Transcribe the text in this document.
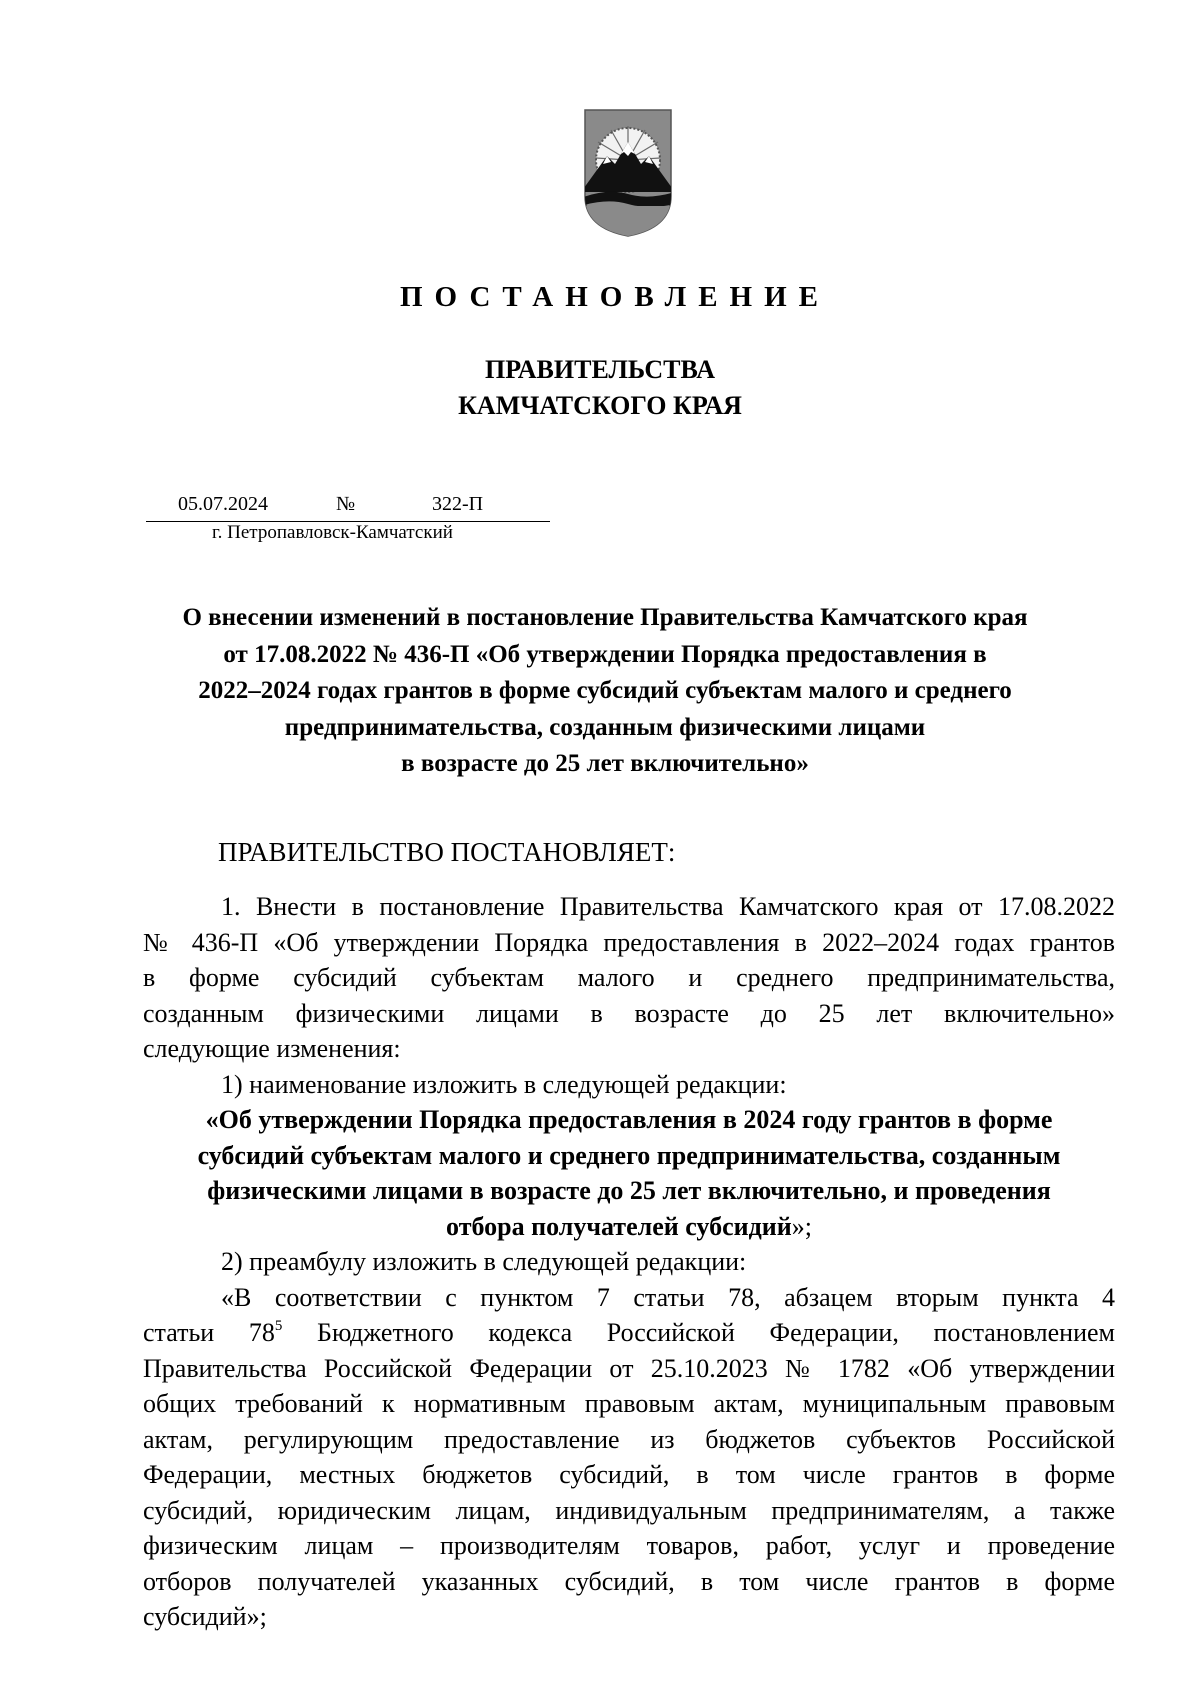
ПОСТАНОВЛЕНИЕ
ПРАВИТЕЛЬСТВА
КАМЧАТСКОГО КРАЯ
05.07.2024	№	322-П
г. Петропавловск-Камчатский
О внесении изменений в постановление Правительства Камчатского края
от 17.08.2022 № 436-П «Об утверждении Порядка предоставления в
2022–2024 годах грантов в форме субсидий субъектам малого и среднего
предпринимательства, созданным физическими лицами
в возрасте до 25 лет включительно»
ПРАВИТЕЛЬСТВО ПОСТАНОВЛЯЕТ:

1. Внести в постановление Правительства Камчатского края от 17.08.2022

№ 436-П «Об утверждении Порядка предоставления в 2022–2024 годах грантов

в форме субсидий субъектам малого и среднего предпринимательства,

созданным физическими лицами в возрасте до 25 лет включительно»

следующие изменения:

1) наименование изложить в следующей редакции:

«Об утверждении Порядка предоставления в 2024 году грантов в форме

субсидий субъектам малого и среднего предпринимательства, созданным

физическими лицами в возрасте до 25 лет включительно, и проведения

отбора получателей субсидий»;

2) преамбулу изложить в следующей редакции:

«В соответствии с пунктом 7 статьи 78, абзацем вторым пункта 4

статьи $78^5$ Бюджетного кодекса Российской Федерации, постановлением

Правительства Российской Федерации от 25.10.2023 № 1782 «Об утверждении

общих требований к нормативным правовым актам, муниципальным правовым

актам, регулирующим предоставление из бюджетов субъектов Российской

Федерации, местных бюджетов субсидий, в том числе грантов в форме

субсидий, юридическим лицам, индивидуальным предпринимателям, а также

физическим лицам – производителям товаров, работ, услуг и проведение

отборов получателей указанных субсидий, в том числе грантов в форме

субсидий»;
